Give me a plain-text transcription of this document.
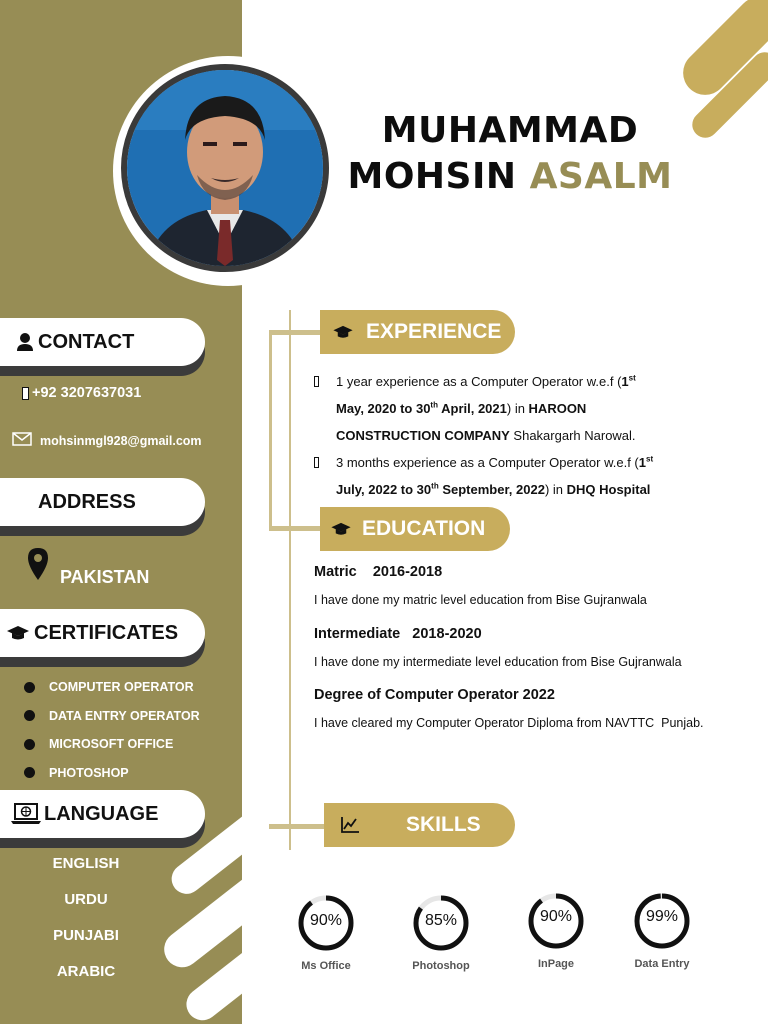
MUHAMMAD
MOHSIN ASALM
CONTACT
+92 3207637031
mohsinmgl928@gmail.com
ADDRESS
PAKISTAN
CERTIFICATES
COMPUTER OPERATOR
DATA ENTRY OPERATOR
MICROSOFT OFFICE
PHOTOSHOP
LANGUAGE
ENGLISH
URDU
PUNJABI
ARABIC
EXPERIENCE
1 year experience as a Computer Operator w.e.f (1st
May, 2020 to 30th April, 2021) in HAROON
CONSTRUCTION COMPANY Shakargarh Narowal.
3 months experience as a Computer Operator w.e.f (1st
July, 2022 to 30th September, 2022) in DHQ Hospital
EDUCATION
Matric    2016-2018
I have done my matric level education from Bise Gujranwala
Intermediate   2018-2020
I have done my intermediate level education from Bise Gujranwala
Degree of Computer Operator 2022
I have cleared my Computer Operator Diploma from NAVTTC  Punjab.
SKILLS
90%
Ms Office
85%
Photoshop
90%
InPage
99%
Data Entry
